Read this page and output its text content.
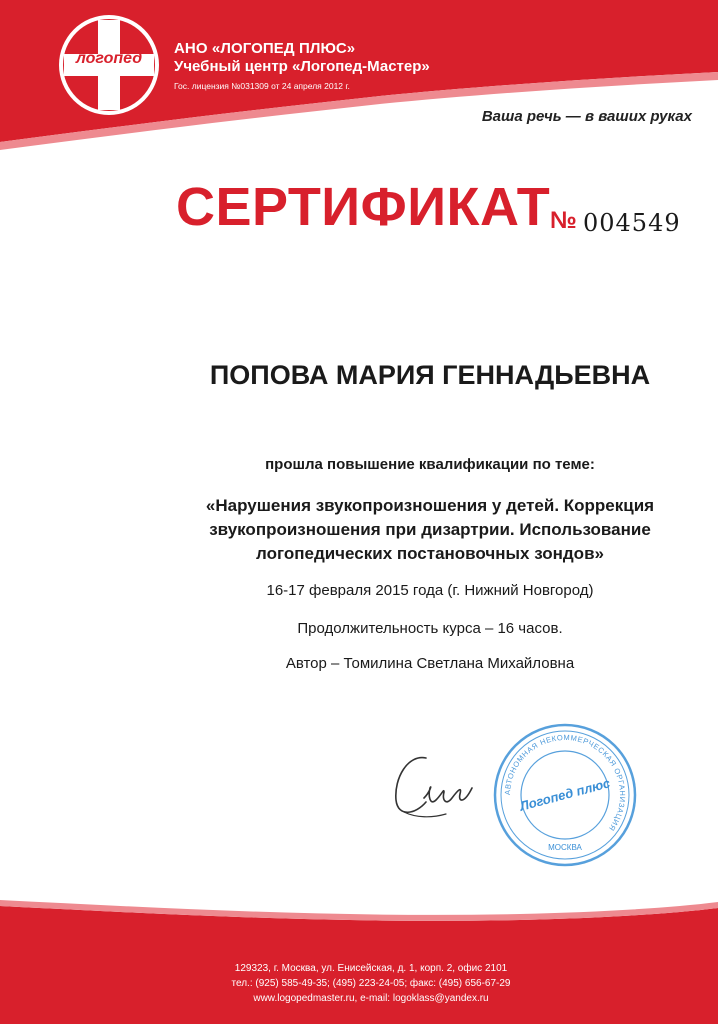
логопед
АНО «ЛОГОПЕД ПЛЮС»
Учебный центр «Логопед-Мастер»
Гос. лицензия №031309 от 24 апреля 2012 г.
Ваша речь — в ваших руках
СЕРТИФИКАТ № 004549
ПОПОВА МАРИЯ ГЕННАДЬЕВНА
прошла повышение квалификации по теме:
«Нарушения звукопроизношения у детей. Коррекция
звукопроизношения при дизартрии. Использование
логопедических постановочных зондов»
16-17 февраля 2015 года (г. Нижний Новгород)
Продолжительность курса – 16 часов.
Автор – Томилина Светлана Михайловна
АВТОНОМНАЯ НЕКОММЕРЧЕСКАЯ ОРГАНИЗАЦИЯ
Логопед плюс
МОСКВА
129323, г. Москва, ул. Енисейская, д. 1, корп. 2, офис 2101
тел.: (925) 585-49-35; (495) 223-24-05; факс: (495) 656-67-29
www.logopedmaster.ru, e-mail: logoklass@yandex.ru
